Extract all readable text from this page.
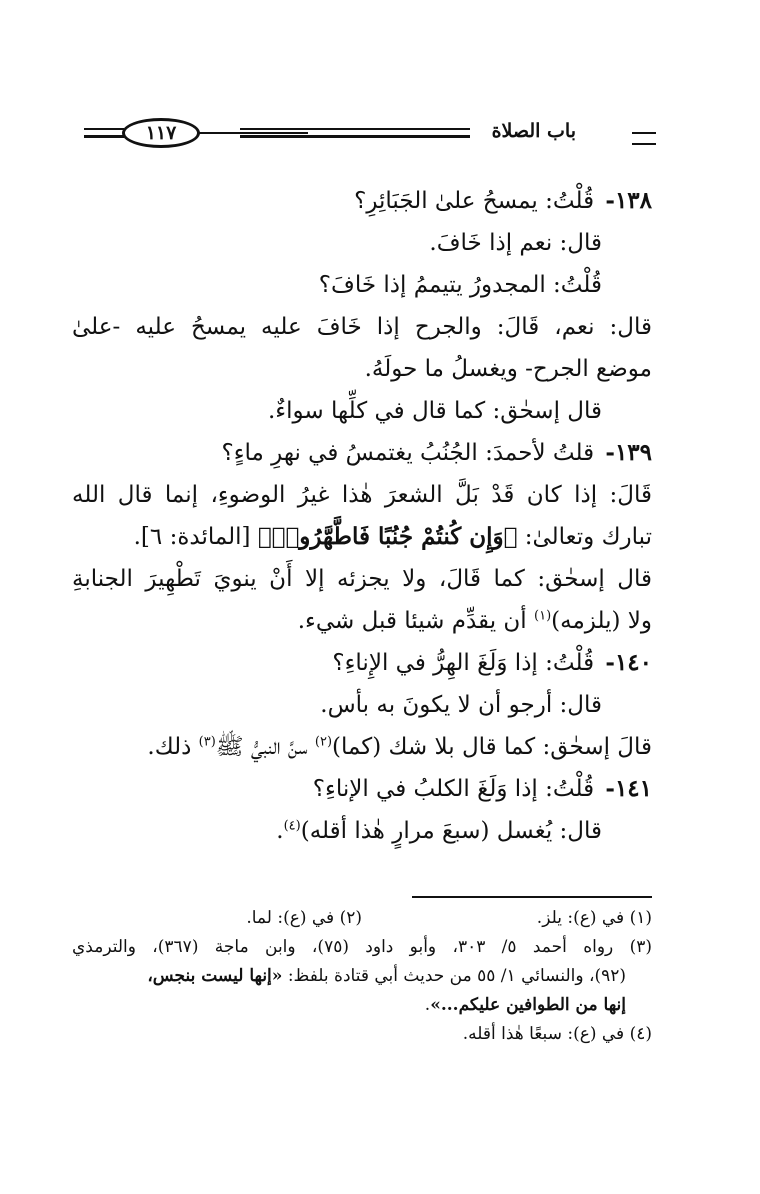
باب الصلاة
١١٧
١٣٨- قُلْتُ: يمسحُ علىٰ الجَبَائِرِ؟
قال: نعم إذا خَافَ.
قُلْتُ: المجدورُ يتيممُ إذا خَافَ؟
قال: نعم، قَالَ: والجرح إذا خَافَ عليه يمسحُ عليه -علىٰ
موضع الجرح- ويغسلُ ما حولَهُ.
قال إسحٰق: كما قال في كلِّها سواءٌ.
١٣٩- قلتُ لأحمدَ: الجُنُبُ يغتمسُ في نهرِ ماءٍ؟
قَالَ: إذا كان قَدْ بَلَّ الشعرَ هٰذا غيرُ الوضوءِ، إنما قال الله
تبارك وتعالىٰ: ﴿وَإِن كُنتُمْ جُنُبًا فَاطَّهَّرُوا۟﴾ [المائدة: ٦].
قال إسحٰق: كما قَالَ، ولا يجزئه إلا أَنْ ينويَ تَطْهِيرَ الجنابةِ
ولا (يلزمه)$^{(١)}$ أن يقدِّم شيئا قبل شيء.
١٤٠- قُلْتُ: إذا وَلَغَ الهِرُّ في الإِناءِ؟
قال: أرجو أن لا يكونَ به بأس.
قالَ إسحٰق: كما قال بلا شك (كما)$^{(٢)}$ سنَّ النبيُّ ﷺ$^{(٣)}$ ذلك.
١٤١- قُلْتُ: إذا وَلَغَ الكلبُ في الإناءِ؟
قال: يُغسل (سبعَ مرارٍ هٰذا أقله)$^{(٤)}$.
(١) في (ع): يلز.(٢) في (ع): لما.
(٣) رواه أحمد ٥/ ٣٠٣، وأبو داود (٧٥)، وابن ماجة (٣٦٧)، والترمذي
(٩٢)، والنسائي ١/ ٥٥ من حديث أبي قتادة بلفظ: «إنها ليست بنجس،
إنها من الطوافين عليكم...».
(٤) في (ع): سبعًا هٰذا أقله.
